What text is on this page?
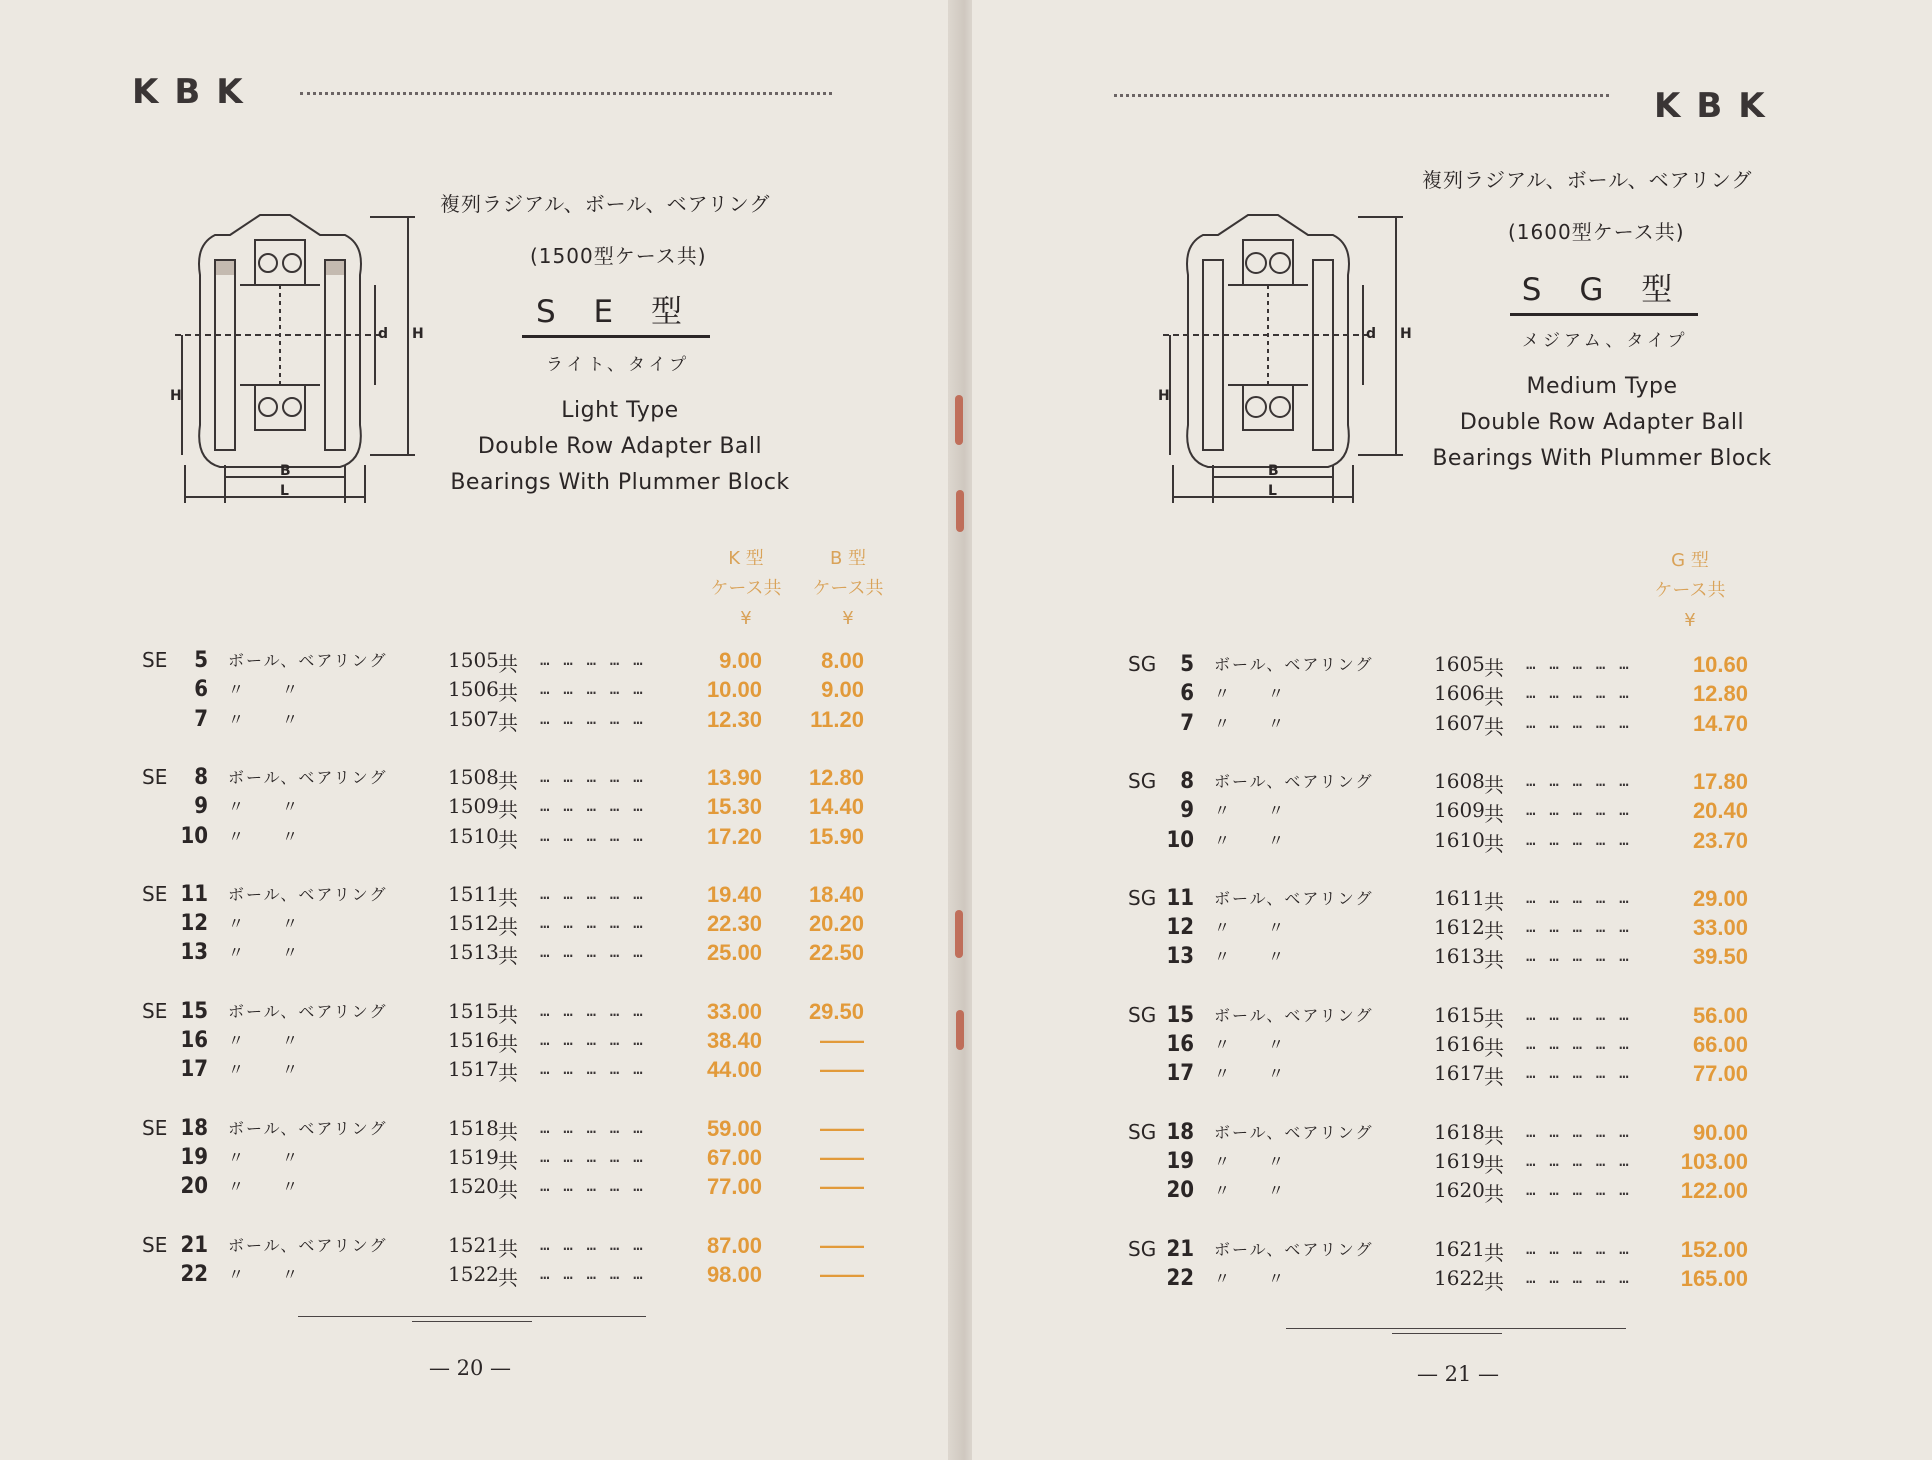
KBK
H
d
H
B
L
複列ラジアル、ボール、ベアリング
(1500型ケース共)
S E 型
ライト、タイプ
Light Type
Double Row Adapter Ball
Bearings With Plummer Block
K 型
ケース共
¥
B 型
ケース共
¥
SE	5 ボール、ベアリング	1505 共 … … … … …	9.00	8.00
6 〃　　〃	1506 共 … … … … …	10.00	9.00
7 〃　　〃	1507 共 … … … … …	12.30	11.20
SE	8 ボール、ベアリング	1508 共 … … … … …	13.90	12.80
9 〃　　〃	1509 共 … … … … …	15.30	14.40
10 〃　　〃	1510 共 … … … … …	17.20	15.90
SE 11 ボール、ベアリング	1511 共 … … … … …	19.40	18.40
12 〃　　〃	1512 共 … … … … …	22.30	20.20
13 〃　　〃	1513 共 … … … … …	25.00	22.50
SE 15 ボール、ベアリング	1515 共 … … … … …	33.00	29.50
16 〃　　〃	1516 共 … … … … …	38.40	——
17 〃　　〃	1517 共 … … … … …	44.00	——
SE 18 ボール、ベアリング	1518 共 … … … … …	59.00	——
19 〃　　〃	1519 共 … … … … …	67.00	——
20 〃　　〃	1520 共 … … … … …	77.00	——
SE 21 ボール、ベアリング	1521 共 … … … … …	87.00	——
22 〃　　〃	1522 共 … … … … …	98.00	——
— 20 —
KBK
H
d
H
B
L
複列ラジアル、ボール、ベアリング
(1600型ケース共)
S G 型
メジアム、タイプ
Medium Type
Double Row Adapter Ball
Bearings With Plummer Block
G 型
ケース共
¥
SG	5 ボール、ベアリング	1605 共 … … … … …	10.60
6 〃　　〃	1606 共 … … … … …	12.80
7 〃　　〃	1607 共 … … … … …	14.70
SG	8 ボール、ベアリング	1608 共 … … … … …	17.80
9 〃　　〃	1609 共 … … … … …	20.40
10 〃　　〃	1610 共 … … … … …	23.70
SG 11 ボール、ベアリング	1611 共 … … … … …	29.00
12 〃　　〃	1612 共 … … … … …	33.00
13 〃　　〃	1613 共 … … … … …	39.50
SG 15 ボール、ベアリング	1615 共 … … … … …	56.00
16 〃　　〃	1616 共 … … … … …	66.00
17 〃　　〃	1617 共 … … … … …	77.00
SG 18 ボール、ベアリング	1618 共 … … … … …	90.00
19 〃　　〃	1619 共 … … … … …	103.00
20 〃　　〃	1620 共 … … … … …	122.00
SG 21 ボール、ベアリング	1621 共 … … … … …	152.00
22 〃　　〃	1622 共 … … … … …	165.00
— 21 —
